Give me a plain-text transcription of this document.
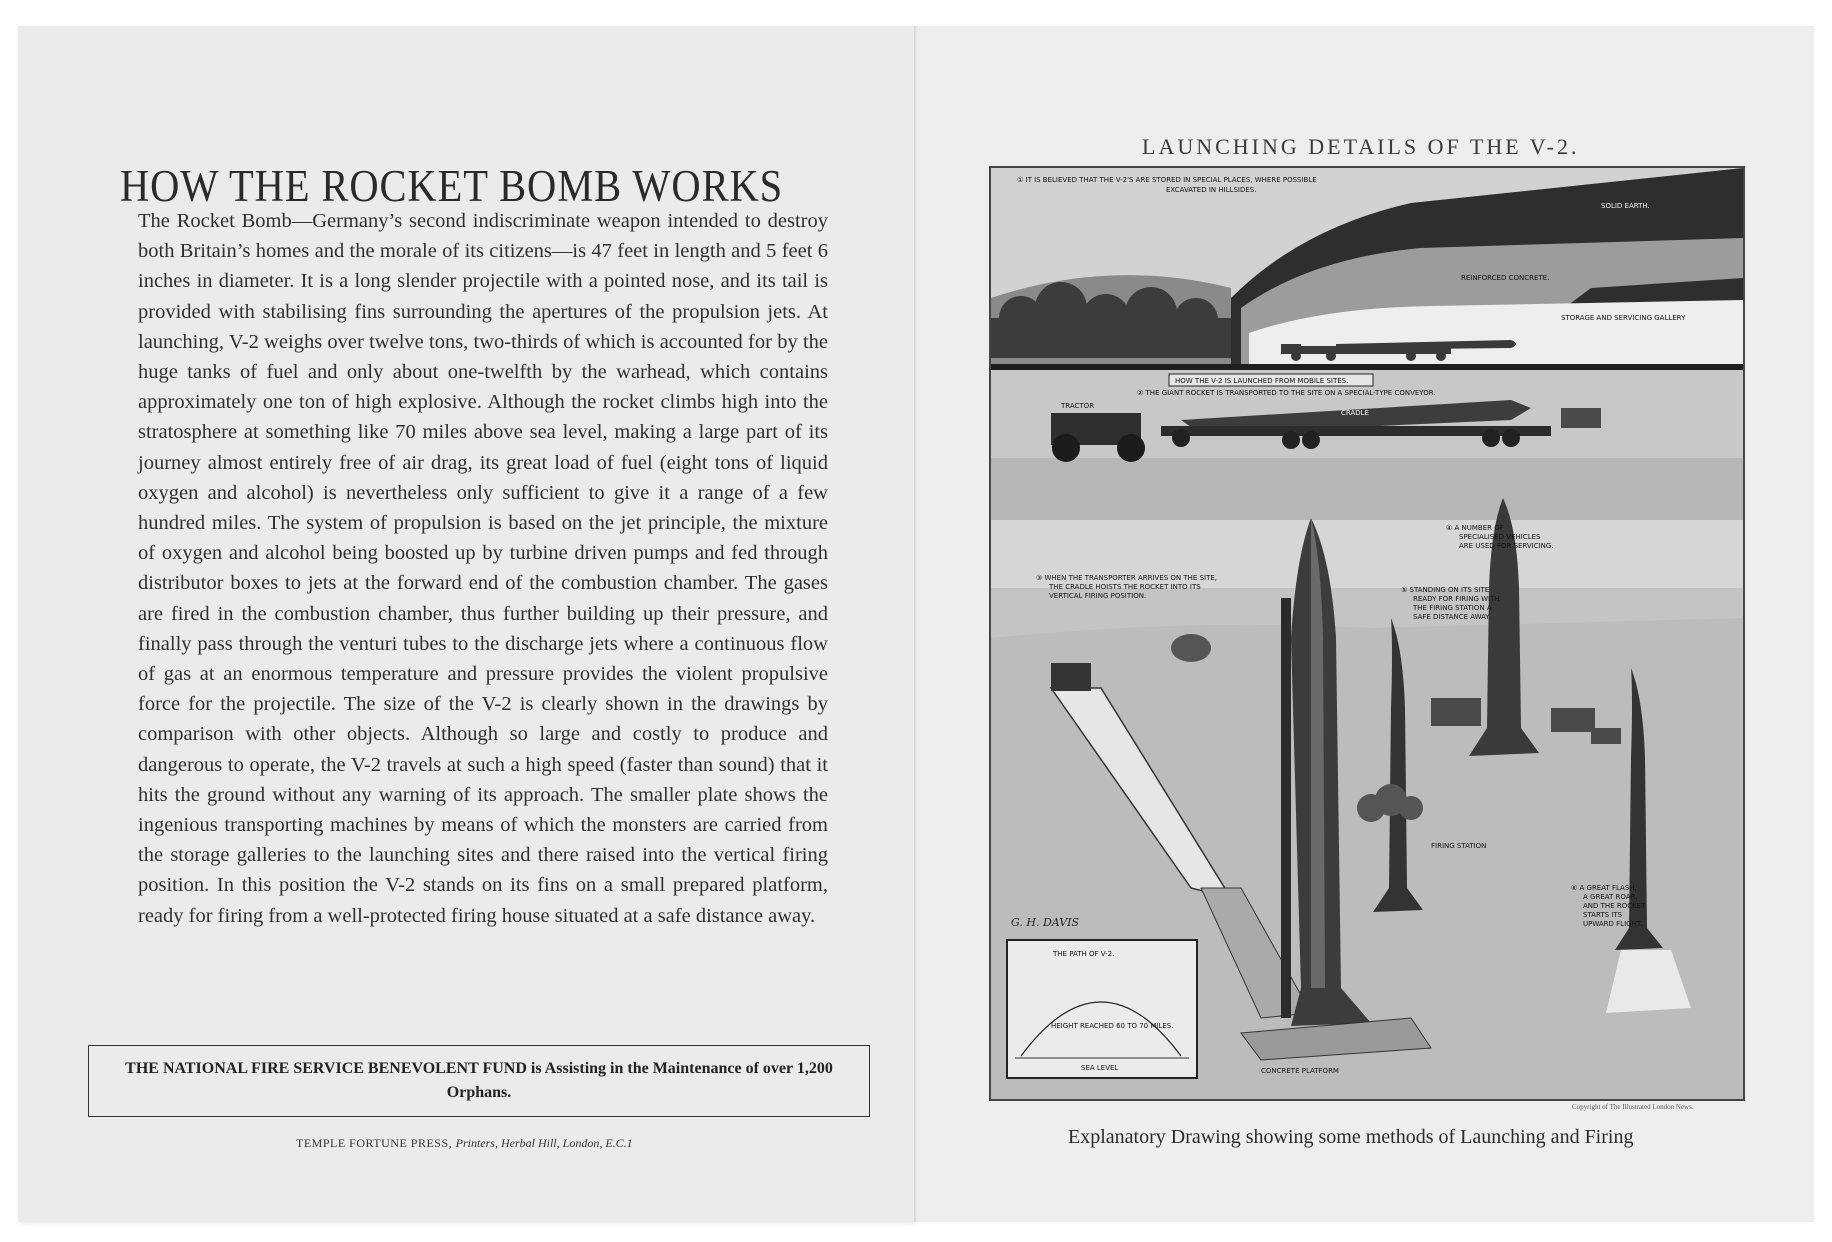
HOW THE ROCKET BOMB WORKS

The Rocket Bomb—Germany’s second indiscriminate weapon intended to destroy both Britain’s homes and the morale of its citizens—is 47 feet in length and 5 feet 6 inches in diameter. It is a long slender projectile with a pointed nose, and its tail is provided with stabilising fins surrounding the apertures of the propulsion jets. At launching, V-2 weighs over twelve tons, two-thirds of which is accounted for by the huge tanks of fuel and only about one-twelfth by the warhead, which contains approximately one ton of high explosive. Although the rocket climbs high into the stratosphere at something like 70 miles above sea level, making a large part of its journey almost entirely free of air drag, its great load of fuel (eight tons of liquid oxygen and alcohol) is nevertheless only sufficient to give it a range of a few hundred miles. The system of propulsion is based on the jet principle, the mixture of oxygen and alcohol being boosted up by turbine driven pumps and fed through distributor boxes to jets at the forward end of the combustion chamber. The gases are fired in the combustion chamber, thus further building up their pressure, and finally pass through the venturi tubes to the discharge jets where a continuous flow of gas at an enormous temperature and pressure provides the violent propulsive force for the projectile. The size of the V-2 is clearly shown in the drawings by comparison with other objects. Although so large and costly to produce and dangerous to operate, the V-2 travels at such a high speed (faster than sound) that it hits the ground without any warning of its approach. The smaller plate shows the ingenious transporting machines by means of which the monsters are carried from the storage galleries to the launching sites and there raised into the vertical firing position. In this position the V-2 stands on its fins on a small prepared platform, ready for firing from a well-protected firing house situated at a safe distance away.

THE NATIONAL FIRE SERVICE BENEVOLENT FUND is Assisting in the Maintenance of over 1,200 Orphans.
TEMPLE FORTUNE PRESS, Printers, Herbal Hill, London, E.C.1
LAUNCHING DETAILS OF THE V-2.
① IT IS BELIEVED THAT THE V-2'S ARE STORED IN SPECIAL PLACES, WHERE POSSIBLE
EXCAVATED IN HILLSIDES.
SOLID EARTH.
REINFORCED CONCRETE.
STORAGE AND SERVICING GALLERY
HOW THE V-2 IS LAUNCHED FROM MOBILE SITES.
② THE GIANT ROCKET IS TRANSPORTED TO THE SITE ON A SPECIAL-TYPE CONVEYOR.
TRACTOR
CRADLE
③ WHEN THE TRANSPORTER ARRIVES ON THE SITE,
THE CRADLE HOISTS THE ROCKET INTO ITS
VERTICAL FIRING POSITION.
④ A NUMBER OF
SPECIALISED VEHICLES
ARE USED FOR SERVICING.
⑤ STANDING ON ITS SITE
READY FOR FIRING WITH
THE FIRING STATION A
SAFE DISTANCE AWAY.
⑥ A GREAT FLASH,
A GREAT ROAR,
AND THE ROCKET
STARTS ITS
UPWARD FLIGHT.
FIRING STATION
CONCRETE PLATFORM
G. H. DAVIS
THE PATH OF V-2.
HEIGHT REACHED 60 TO 70 MILES.
SEA LEVEL
Copyright of The Illustrated London News.
Explanatory Drawing showing some methods of Launching and Firing
